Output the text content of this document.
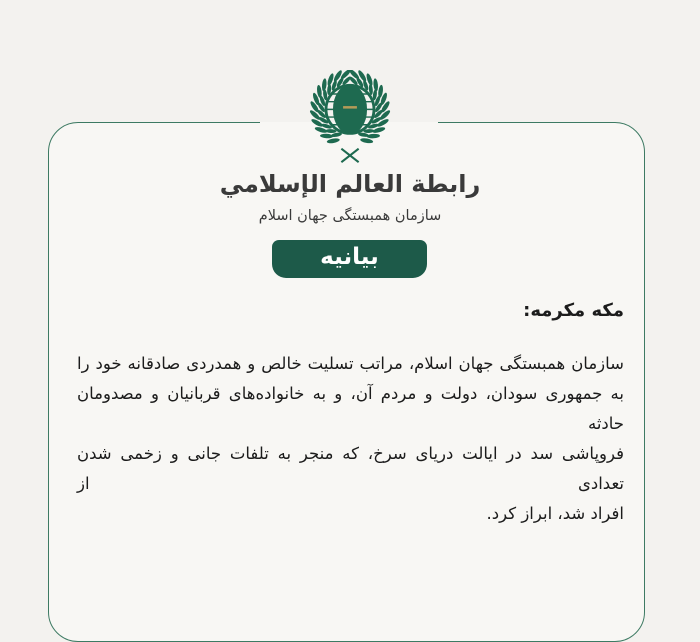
رابطة العالم الإسلامي
سازمان همبستگی جهان اسلام
بیانیه
مکه مکرمه:
سازمان همبستگی جهان اسلام، مراتب تسلیت خالص و همدردی صادقانه خود را
به جمهوری سودان، دولت و مردم آن، و به خانواده‌های قربانیان و مصدومان حادثه
فروپاشی سد در ایالت دریای سرخ، که منجر به تلفات جانی و زخمی شدن تعدادی از
افراد شد، ابراز کرد.
